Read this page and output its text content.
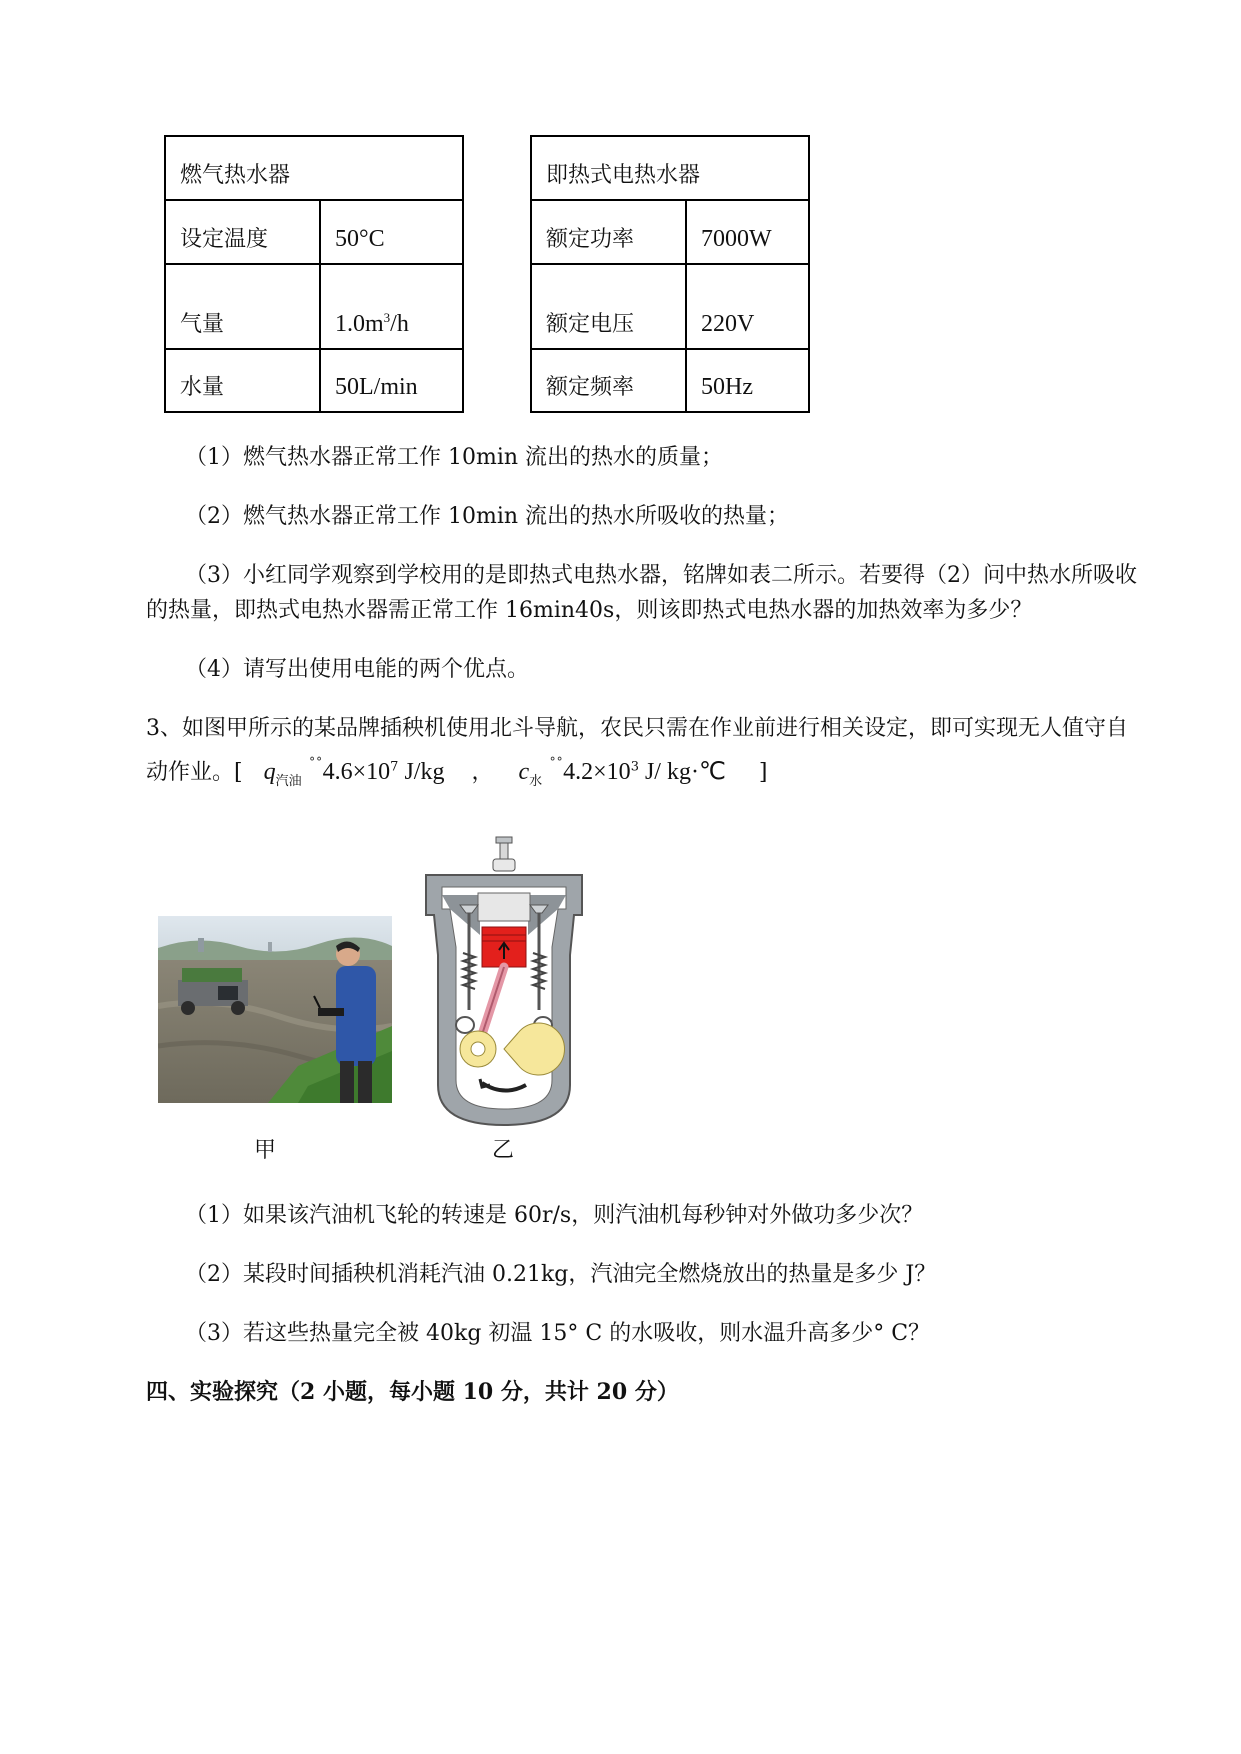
燃气热水器	
设定温度	50°C
气量	$1.0m^3/h$
水量	50L/min
即热式电热水器	
额定功率	7000W
额定电压	220V
额定频率	50Hz
（1）燃气热水器正常工作 10min 流出的热水的质量；
（2）燃气热水器正常工作 10min 流出的热水所吸收的热量；
（3）小红同学观察到学校用的是即热式电热水器，铭牌如表二所示。若要得（2）问中热水所吸收
的热量，即热式电热水器需正常工作 16min40s，则该即热式电热水器的加热效率为多少？
（4）请写出使用电能的两个优点。
3、如图甲所示的某品牌插秧机使用北斗导航，农民只需在作业前进行相关设定，即可实现无人值守自
动作业。[ $q_{汽油}$ $^{˚˚}4.6\times 10^7$ J/kg ， $c_水$ $^{˚˚}4.2\times 10^3$ J/ kg·℃ ]
甲	乙
（1）如果该汽油机飞轮的转速是 60r/s，则汽油机每秒钟对外做功多少次？
（2）某段时间插秧机消耗汽油 0.21kg，汽油完全燃烧放出的热量是多少 J？
（3）若这些热量完全被 40kg 初温 15° C 的水吸收，则水温升高多少° C？
四、实验探究（2 小题，每小题 10 分，共计 20 分）
